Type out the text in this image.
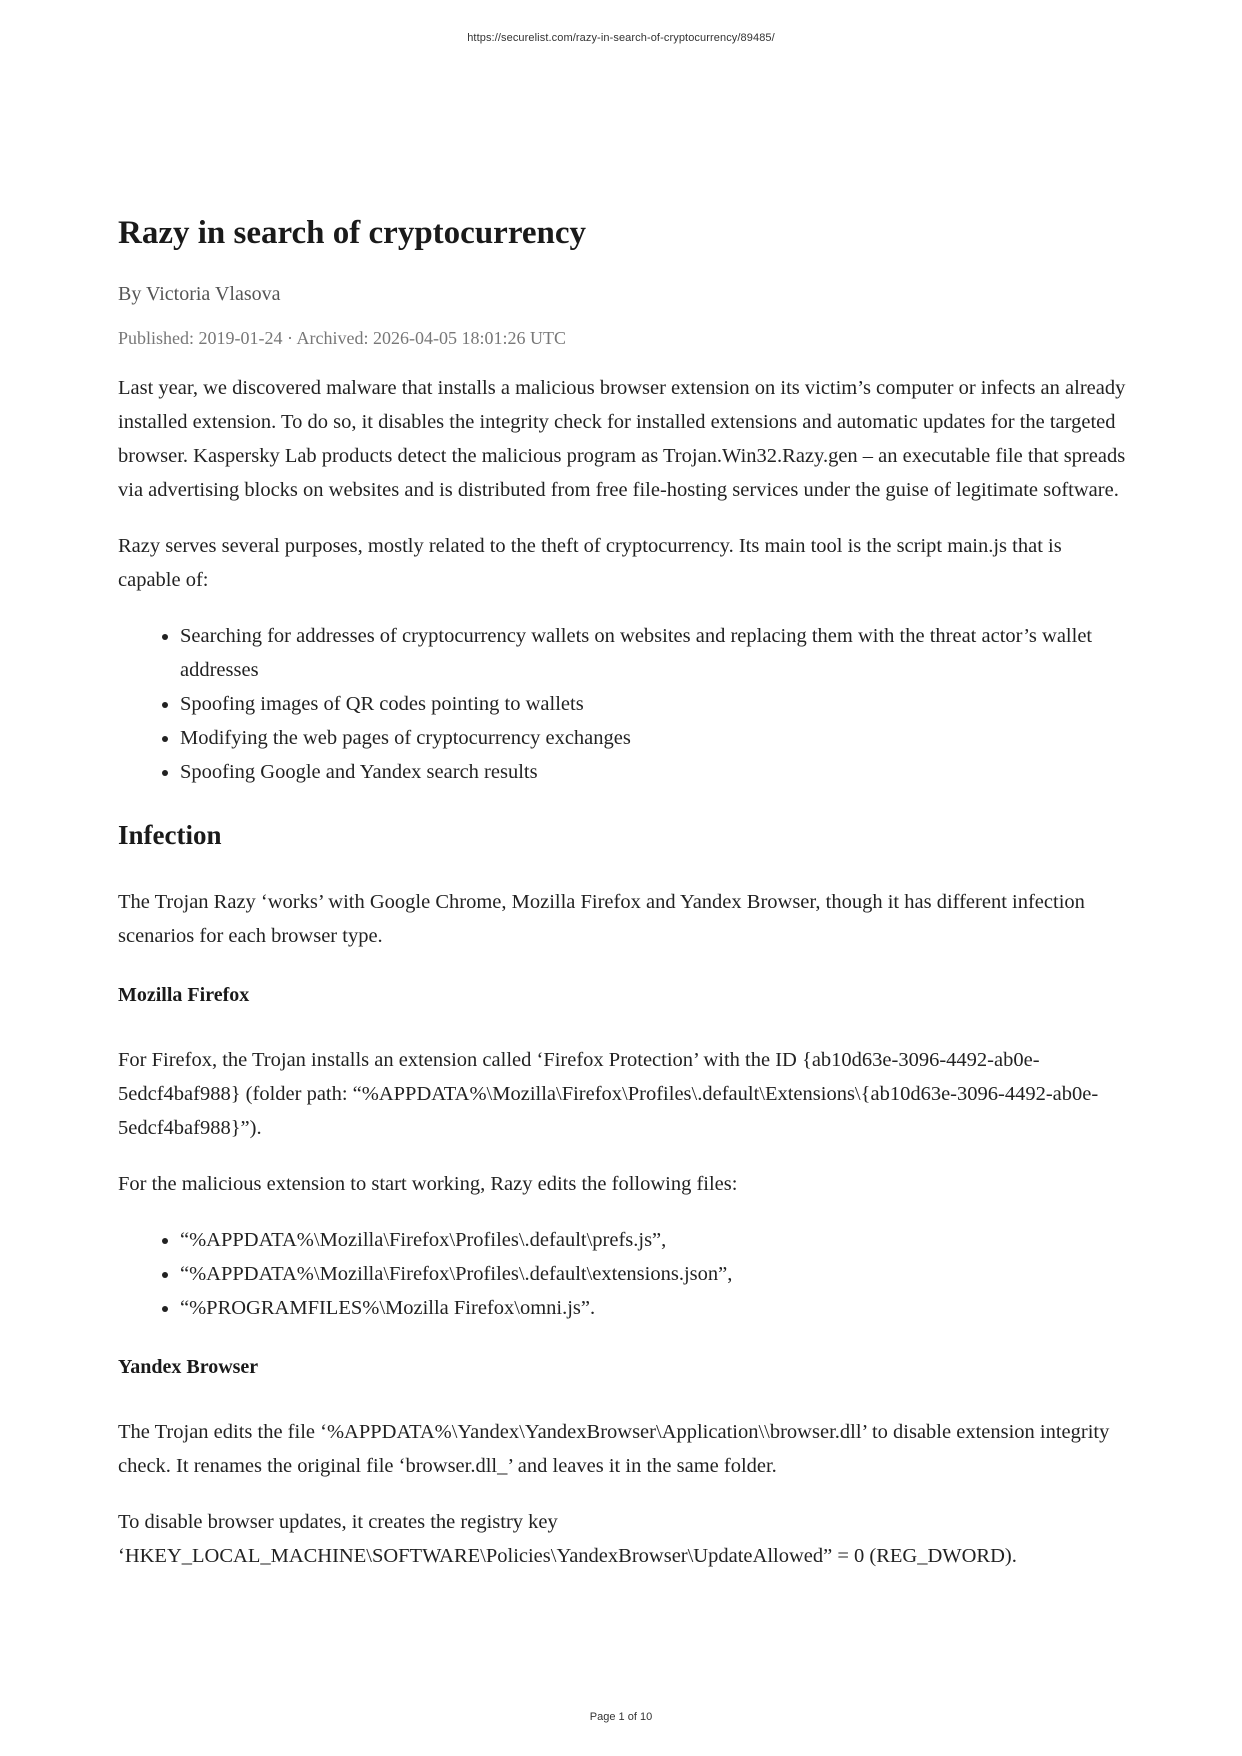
https://securelist.com/razy-in-search-of-cryptocurrency/89485/
Razy in search of cryptocurrency
By Victoria Vlasova
Published: 2019-01-24 · Archived: 2026-04-05 18:01:26 UTC

Last year, we discovered malware that installs a malicious browser extension on its victim’s computer or infects an already installed extension. To do so, it disables the integrity check for installed extensions and automatic updates for the targeted browser. Kaspersky Lab products detect the malicious program as Trojan.Win32.Razy.gen – an executable file that spreads via advertising blocks on websites and is distributed from free file-hosting services under the guise of legitimate software.

Razy serves several purposes, mostly related to the theft of cryptocurrency. Its main tool is the script main.js that is capable of:

• Searching for addresses of cryptocurrency wallets on websites and replacing them with the threat actor’s wallet addresses
• Spoofing images of QR codes pointing to wallets
• Modifying the web pages of cryptocurrency exchanges
• Spoofing Google and Yandex search results
Infection

The Trojan Razy ‘works’ with Google Chrome, Mozilla Firefox and Yandex Browser, though it has different infection scenarios for each browser type.

Mozilla Firefox

For Firefox, the Trojan installs an extension called ‘Firefox Protection’ with the ID {ab10d63e-3096-4492-ab0e-5edcf4baf988} (folder path: “%APPDATA%\Mozilla\Firefox\Profiles\.default\Extensions\{ab10d63e-3096-4492-ab0e-5edcf4baf988}”).

For the malicious extension to start working, Razy edits the following files:

• “%APPDATA%\Mozilla\Firefox\Profiles\.default\prefs.js”,
• “%APPDATA%\Mozilla\Firefox\Profiles\.default\extensions.json”,
• “%PROGRAMFILES%\Mozilla Firefox\omni.js”.
Yandex Browser

The Trojan edits the file ‘%APPDATA%\Yandex\YandexBrowser\Application\\browser.dll’ to disable extension integrity check. It renames the original file ‘browser.dll_’ and leaves it in the same folder.

To disable browser updates, it creates the registry key ‘HKEY_LOCAL_MACHINE\SOFTWARE\Policies\YandexBrowser\UpdateAllowed” = 0 (REG_DWORD).

Page 1 of 10
